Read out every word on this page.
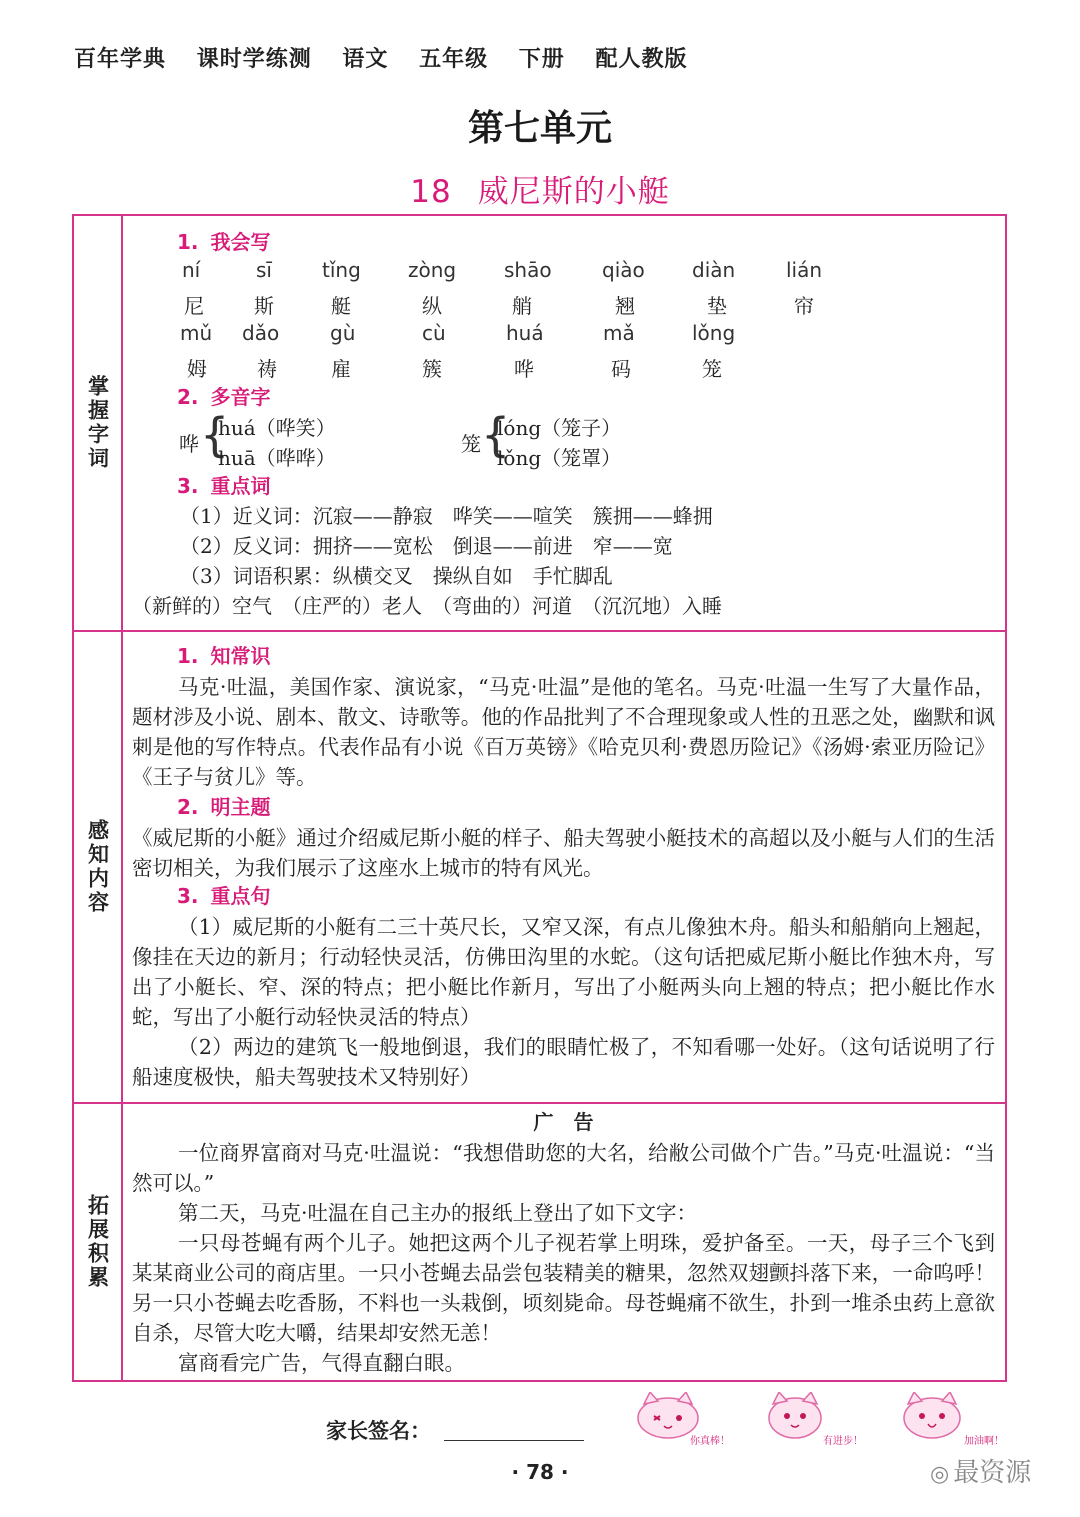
百年学典 课时学练测 语文 五年级 下册 配人教版
第七单元
18 威尼斯的小艇
掌握字词
1. 我会写
ní	sī	tǐng zòng shāo	qiào diàn	lián
尼	斯	艇	纵	艄	翘	垫	帘
mǔ dǎo	gù	cù	huá	mǎ	lǒng
姆	祷	雇	簇	哗	码	笼
2. 多音字
哗 {
huá（哗笑）
huā（哗哗）
笼 {
lóng（笼子）
lǒng（笼罩）
3. 重点词
（1）近义词：沉寂——静寂　哗笑——喧笑　簇拥——蜂拥
（2）反义词：拥挤——宽松　倒退——前进　窄——宽
（3）词语积累：纵横交叉　操纵自如　手忙脚乱
（新鲜的）空气　（庄严的）老人　（弯曲的）河道　（沉沉地）入睡
感知内容
1. 知常识
马克·吐温，美国作家、演说家，“马克·吐温”是他的笔名。马克·吐温一生写了大量作品，题材涉及小说、剧本、散文、诗歌等。他的作品批判了不合理现象或人性的丑恶之处，幽默和讽刺是他的写作特点。代表作品有小说《百万英镑》《哈克贝利·费恩历险记》《汤姆·索亚历险记》《王子与贫儿》等。
2. 明主题
《威尼斯的小艇》通过介绍威尼斯小艇的样子、船夫驾驶小艇技术的高超以及小艇与人们的生活密切相关，为我们展示了这座水上城市的特有风光。
3. 重点句
（1）威尼斯的小艇有二三十英尺长，又窄又深，有点儿像独木舟。船头和船艄向上翘起，像挂在天边的新月；行动轻快灵活，仿佛田沟里的水蛇。（这句话把威尼斯小艇比作独木舟，写出了小艇长、窄、深的特点；把小艇比作新月，写出了小艇两头向上翘的特点；把小艇比作水蛇，写出了小艇行动轻快灵活的特点）
（2）两边的建筑飞一般地倒退，我们的眼睛忙极了，不知看哪一处好。（这句话说明了行船速度极快，船夫驾驶技术又特别好）
拓展积累
广　告
一位商界富商对马克·吐温说：“我想借助您的大名，给敝公司做个广告。”马克·吐温说：“当然可以。”
第二天，马克·吐温在自己主办的报纸上登出了如下文字：
一只母苍蝇有两个儿子。她把这两个儿子视若掌上明珠，爱护备至。一天，母子三个飞到某某商业公司的商店里。一只小苍蝇去品尝包装精美的糖果，忽然双翅颤抖落下来，一命呜呼！另一只小苍蝇去吃香肠，不料也一头栽倒，顷刻毙命。母苍蝇痛不欲生，扑到一堆杀虫药上意欲自杀，尽管大吃大嚼，结果却安然无恙！
富商看完广告，气得直翻白眼。
家长签名：	你真棒！	有进步！	加油啊！
· 78 ·	◎ 最资源
